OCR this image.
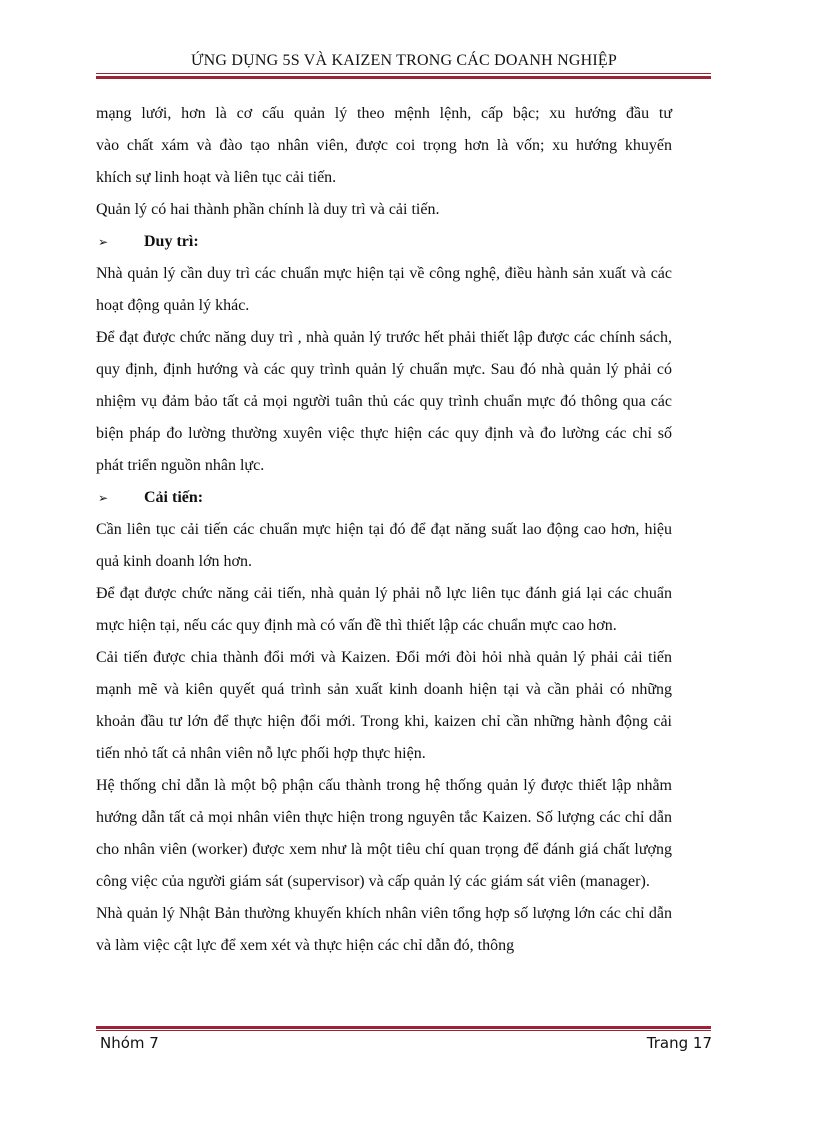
ỨNG DỤNG 5S VÀ KAIZEN TRONG CÁC DOANH NGHIỆP

mạng lưới, hơn là cơ cấu quản lý theo mệnh lệnh, cấp bậc; xu hướng đầu tư

vào chất xám và đào tạo nhân viên, được coi trọng hơn là vốn; xu hướng khuyến

khích sự linh hoạt và liên tục cải tiến.

Quản lý có hai thành phần chính là duy trì và cải tiến.

➢	Duy trì:

Nhà quản lý cần duy trì các chuẩn mực hiện tại về công nghệ, điều hành sản xuất và các hoạt động quản lý khác.

Để đạt được chức năng duy trì , nhà quản lý trước hết phải thiết lập được các chính sách, quy định, định hướng và các quy trình quản lý chuẩn mực. Sau đó nhà quản lý phải có nhiệm vụ đảm bảo tất cả mọi người tuân thủ các quy trình chuẩn mực đó thông qua các biện pháp đo lường thường xuyên việc thực hiện các quy định và đo lường các chỉ số phát triển nguồn nhân lực.

➢	Cải tiến:

Cần liên tục cải tiến các chuẩn mực hiện tại đó để đạt năng suất lao động cao hơn, hiệu quả kinh doanh lớn hơn.

Để đạt được chức năng cải tiến, nhà quản lý phải nỗ lực liên tục đánh giá lại các chuẩn mực hiện tại, nếu các quy định mà có vấn đề thì thiết lập các chuẩn mực cao hơn.

Cải tiến được chia thành đổi mới và Kaizen. Đổi mới đòi hỏi nhà quản lý phải cải tiến mạnh mẽ và kiên quyết quá trình sản xuất kinh doanh hiện tại và cần phải có những khoản đầu tư lớn để thực hiện đổi mới. Trong khi, kaizen chỉ cần những hành động cải tiến nhỏ tất cả nhân viên nỗ lực phối hợp thực hiện.

Hệ thống chỉ dẫn là một bộ phận cấu thành trong hệ thống quản lý được thiết lập nhằm hướng dẫn tất cả mọi nhân viên thực hiện trong nguyên tắc Kaizen. Số lượng các chỉ dẫn cho nhân viên (worker) được xem như là một tiêu chí quan trọng để đánh giá chất lượng công việc của người giám sát (supervisor) và cấp quản lý các giám sát viên (manager).

Nhà quản lý Nhật Bản thường khuyến khích nhân viên tổng hợp số lượng lớn các chỉ dẫn và làm việc cật lực để xem xét và thực hiện các chỉ dẫn đó, thông

Nhóm 7	Trang 17
